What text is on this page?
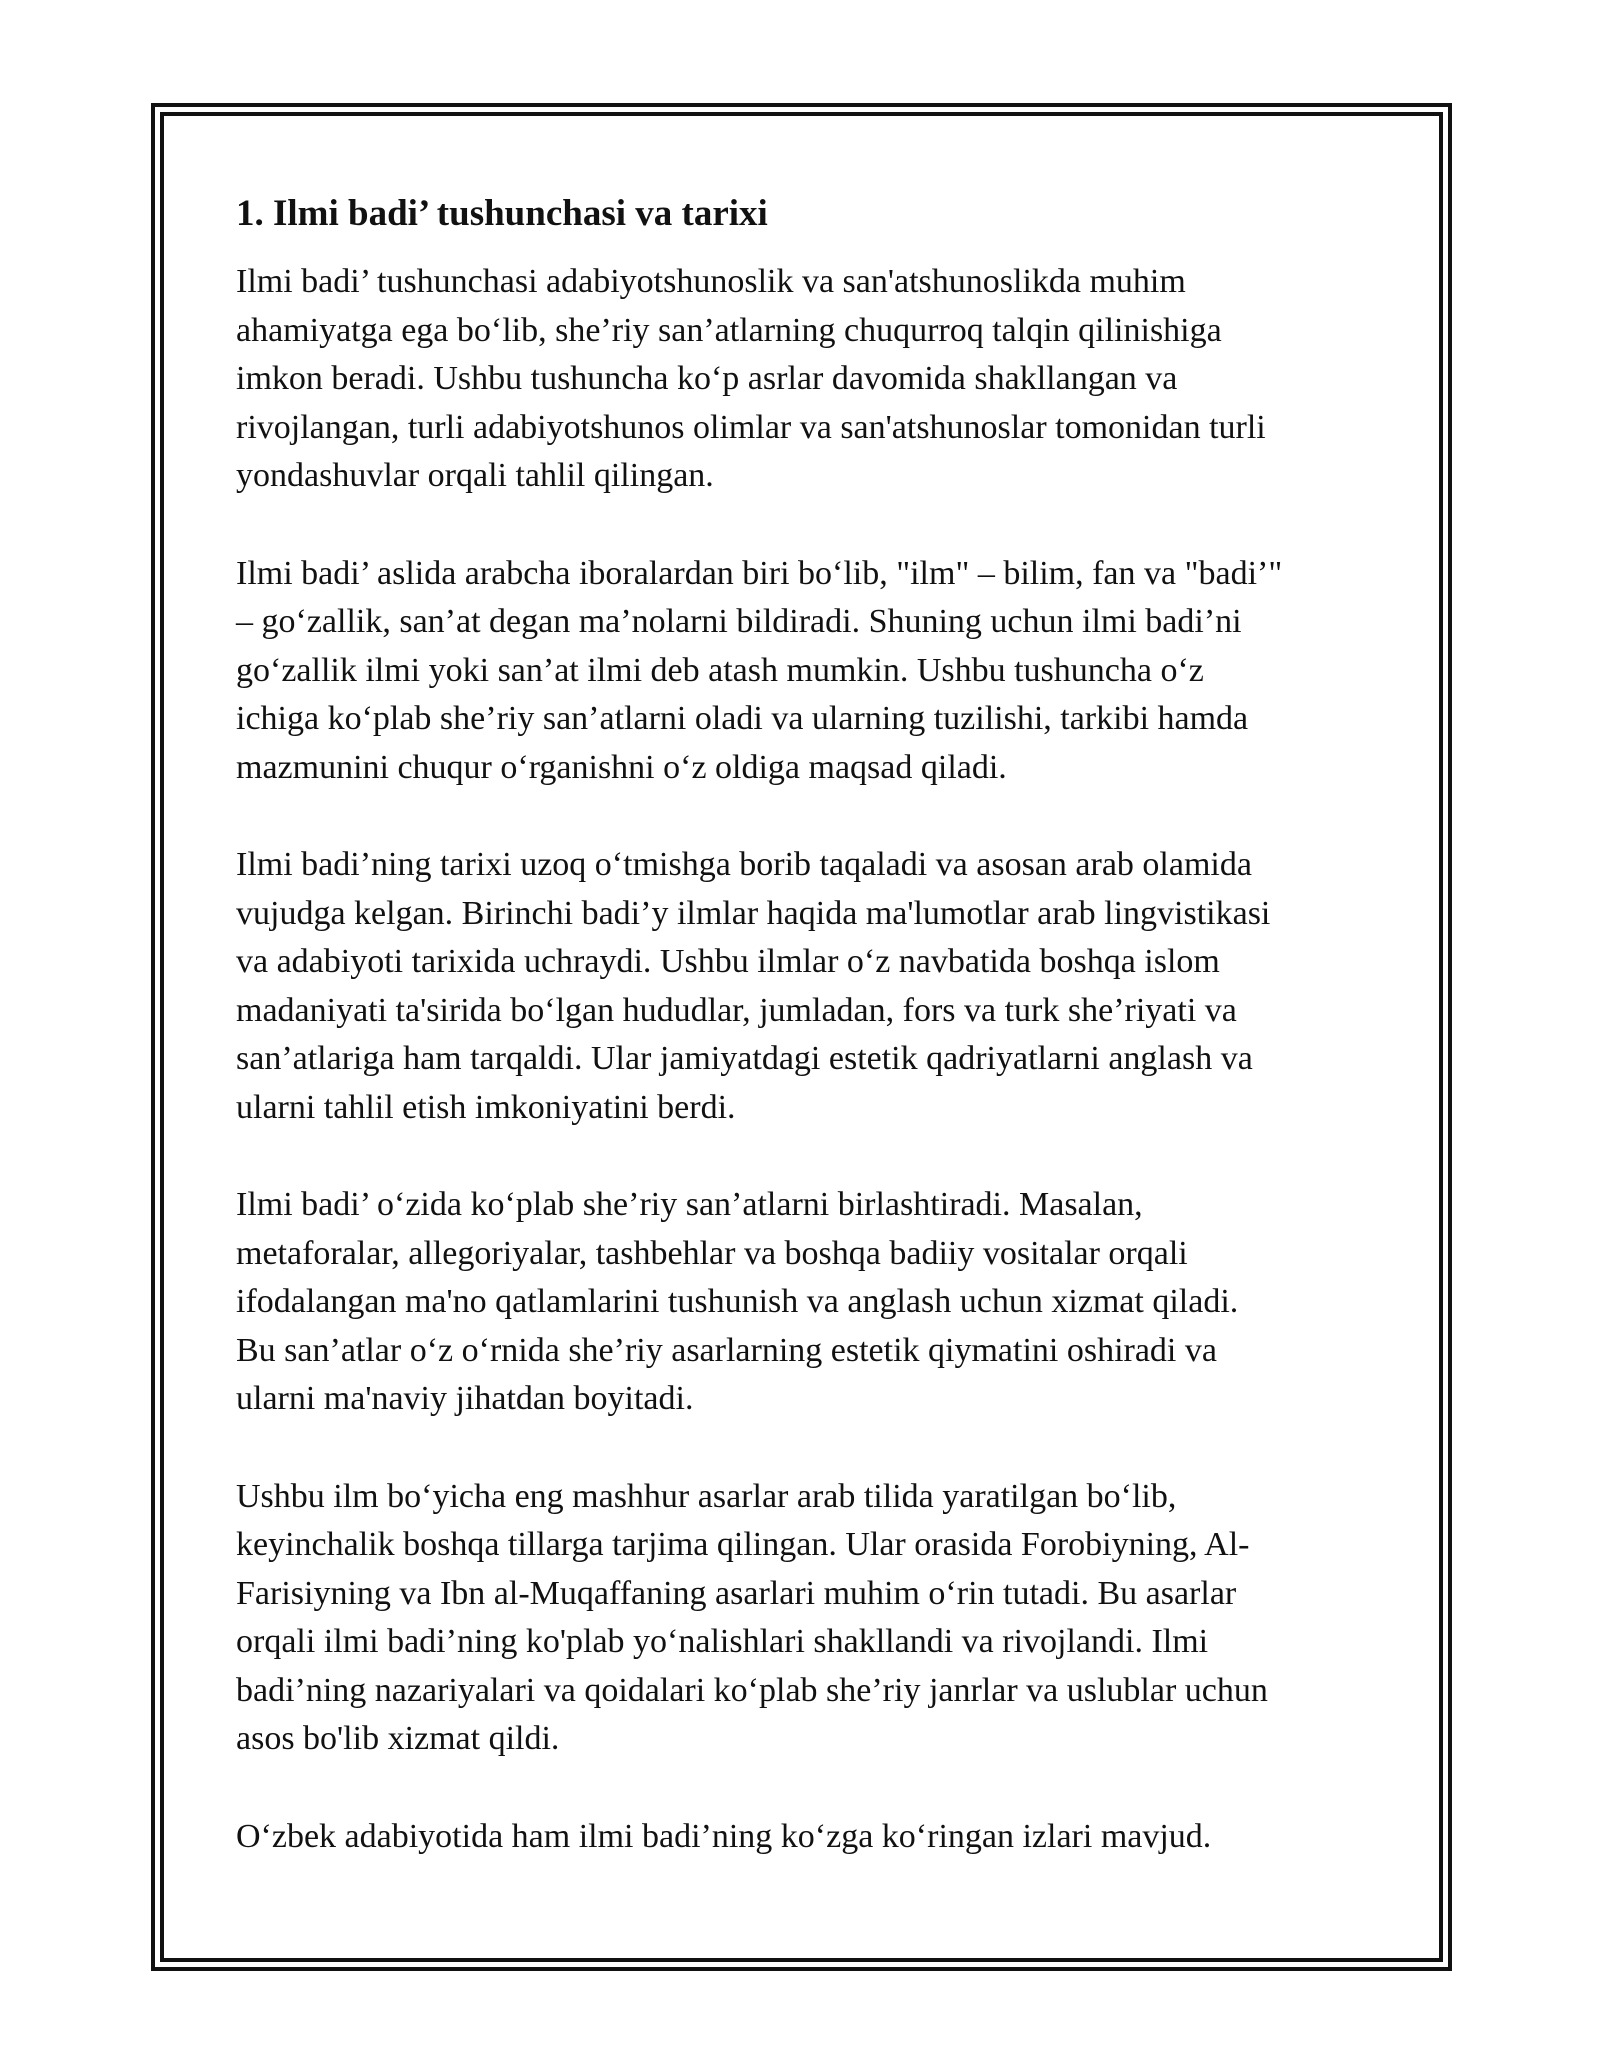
1. Ilmi badi’ tushunchasi va tarixi
Ilmi badi’ tushunchasi adabiyotshunoslik va san'atshunoslikda muhim
ahamiyatga ega bo‘lib, she’riy san’atlarning chuqurroq talqin qilinishiga
imkon beradi. Ushbu tushuncha ko‘p asrlar davomida shakllangan va
rivojlangan, turli adabiyotshunos olimlar va san'atshunoslar tomonidan turli
yondashuvlar orqali tahlil qilingan.
Ilmi badi’ aslida arabcha iboralardan biri bo‘lib, "ilm" – bilim, fan va "badi’"
– go‘zallik, san’at degan ma’nolarni bildiradi. Shuning uchun ilmi badi’ni
go‘zallik ilmi yoki san’at ilmi deb atash mumkin. Ushbu tushuncha o‘z
ichiga ko‘plab she’riy san’atlarni oladi va ularning tuzilishi, tarkibi hamda
mazmunini chuqur o‘rganishni o‘z oldiga maqsad qiladi.
Ilmi badi’ning tarixi uzoq o‘tmishga borib taqaladi va asosan arab olamida
vujudga kelgan. Birinchi badi’y ilmlar haqida ma'lumotlar arab lingvistikasi
va adabiyoti tarixida uchraydi. Ushbu ilmlar o‘z navbatida boshqa islom
madaniyati ta'sirida bo‘lgan hududlar, jumladan, fors va turk she’riyati va
san’atlariga ham tarqaldi. Ular jamiyatdagi estetik qadriyatlarni anglash va
ularni tahlil etish imkoniyatini berdi.
Ilmi badi’ o‘zida ko‘plab she’riy san’atlarni birlashtiradi. Masalan,
metaforalar, allegoriyalar, tashbehlar va boshqa badiiy vositalar orqali
ifodalangan ma'no qatlamlarini tushunish va anglash uchun xizmat qiladi.
Bu san’atlar o‘z o‘rnida she’riy asarlarning estetik qiymatini oshiradi va
ularni ma'naviy jihatdan boyitadi.
Ushbu ilm bo‘yicha eng mashhur asarlar arab tilida yaratilgan bo‘lib,
keyinchalik boshqa tillarga tarjima qilingan. Ular orasida Forobiyning, Al-
Farisiyning va Ibn al-Muqaffaning asarlari muhim o‘rin tutadi. Bu asarlar
orqali ilmi badi’ning ko'plab yo‘nalishlari shakllandi va rivojlandi. Ilmi
badi’ning nazariyalari va qoidalari ko‘plab she’riy janrlar va uslublar uchun
asos bo'lib xizmat qildi.
O‘zbek adabiyotida ham ilmi badi’ning ko‘zga ko‘ringan izlari mavjud.
